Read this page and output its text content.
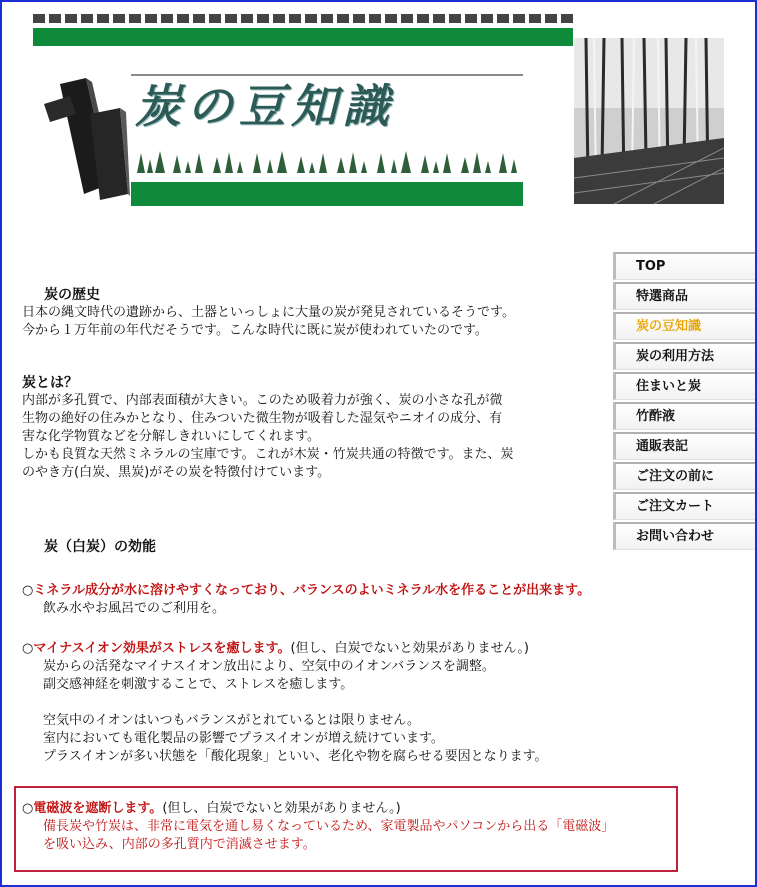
炭の豆知識
TOP
特選商品
炭の豆知識
炭の利用方法
住まいと炭
竹酢液
通販表記
ご注文の前に
ご注文カート
お問い合わせ
炭の歴史
日本の縄文時代の遺跡から、土器といっしょに大量の炭が発見されているそうです。
今から１万年前の年代だそうです。こんな時代に既に炭が使われていたのです。
炭とは？
内部が多孔質で、内部表面積が大きい。このため吸着力が強く、炭の小さな孔が微
生物の絶好の住みかとなり、住みついた微生物が吸着した湿気やニオイの成分、有
害な化学物質などを分解しきれいにしてくれます。
しかも良質な天然ミネラルの宝庫です。これが木炭・竹炭共通の特徴です。また、炭
のやき方(白炭、黒炭)がその炭を特徴付けています。
炭（白炭）の効能
○ミネラル成分が水に溶けやすくなっており、バランスのよいミネラル水を作ることが出来ます。
飲み水やお風呂でのご利用を。
○マイナスイオン効果がストレスを癒します。(但し、白炭でないと効果がありません。)
炭からの活発なマイナスイオン放出により、空気中のイオンバランスを調整。
副交感神経を刺激することで、ストレスを癒します。
空気中のイオンはいつもバランスがとれているとは限りません。
室内においても電化製品の影響でプラスイオンが増え続けています。
プラスイオンが多い状態を「酸化現象」といい、老化や物を腐らせる要因となります。
○電磁波を遮断します。(但し、白炭でないと効果がありません。)
備長炭や竹炭は、非常に電気を通し易くなっているため、家電製品やパソコンから出る「電磁波」
を吸い込み、内部の多孔質内で消滅させます。
